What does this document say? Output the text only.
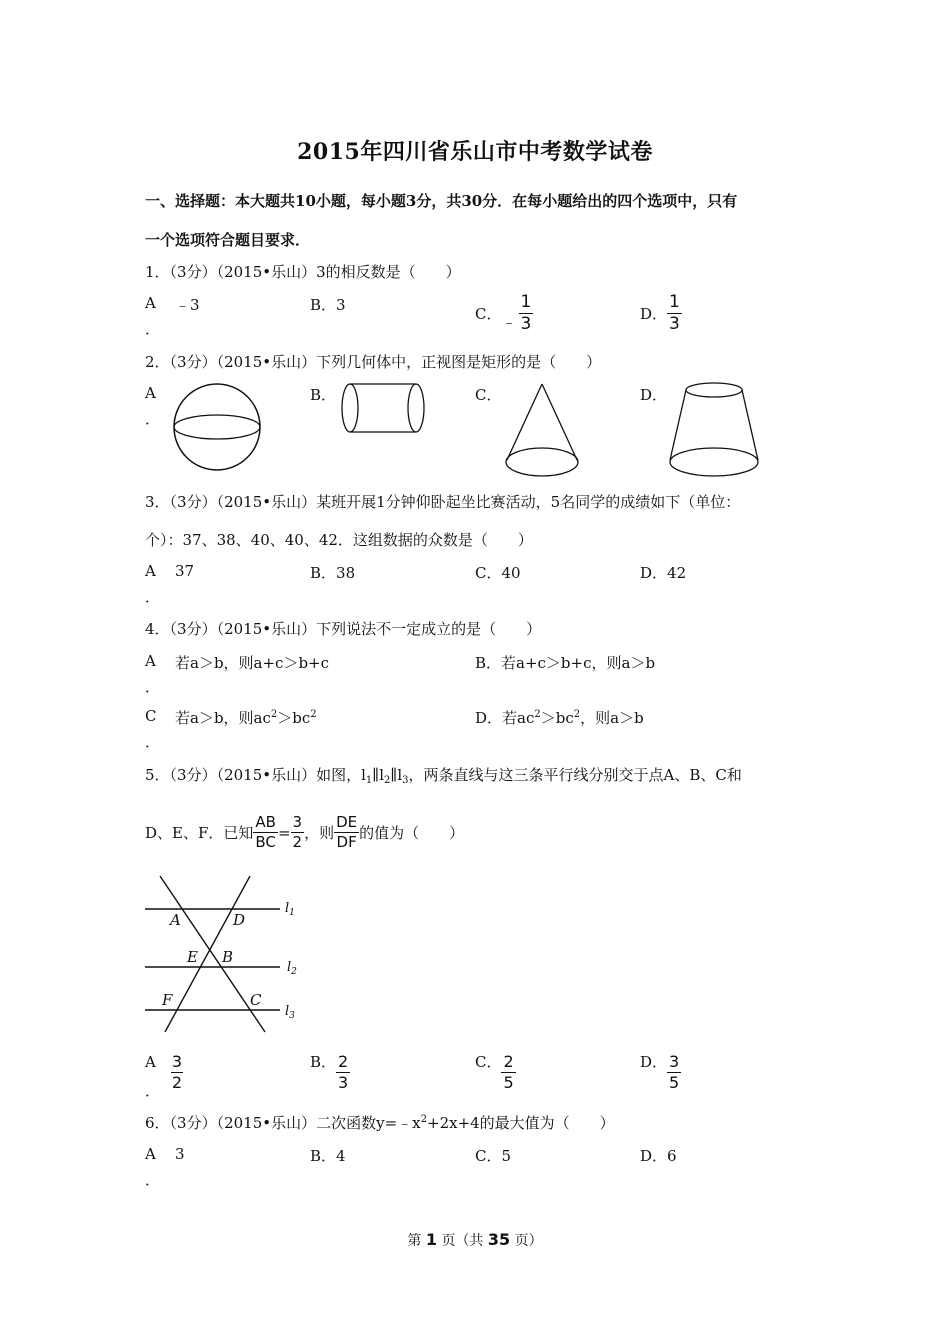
2015年四川省乐山市中考数学试卷
一、选择题：本大题共10小题，每小题3分，共30分．在每小题给出的四个选项中，只有
一个选项符合题目要求．
1．（3分）（2015•乐山）3的相反数是（　　）
A
．
﹣3	B．3	C． ﹣ $\frac{1}{3}$	D． $\frac{1}{3}$
2．（3分）（2015•乐山）下列几何体中，正视图是矩形的是（　　）
A
．
B．	C．	D．
3．（3分）（2015•乐山）某班开展1分钟仰卧起坐比赛活动，5名同学的成绩如下（单位：
个）：37、38、40、40、42．这组数据的众数是（　　）
A
．
37	B．38	C．40	D．42
4．（3分）（2015•乐山）下列说法不一定成立的是（　　）
A
．
若a＞b，则a+c＞b+c	B．若a+c＞b+c，则a＞b
C
．
若a＞b，则$ac^2>bc^2$	D．若$ac^2>bc^2$，则a＞b
5．（3分）（2015•乐山）如图，$l_1\parallel l_2\parallel l_3$，两条直线与这三条平行线分别交于点A、B、C和
D、E、F．已知 $\frac{AB}{BC} = \frac{3}{2}$ ，则 $\frac{DE}{DF}$ 的值为（　　）
A	D
E B
F	C
$l_1$
$l_2$
$l_3$
A $\frac{3}{2}$
．
B． $\frac{2}{3}$	C． $\frac{2}{5}$	D． $\frac{3}{5}$
6．（3分）（2015•乐山）二次函数$y=﹣x^2+2x+4$的最大值为（　　）
A
．
3	B．4	C．5	D．6
第 1 页（共 35 页）
